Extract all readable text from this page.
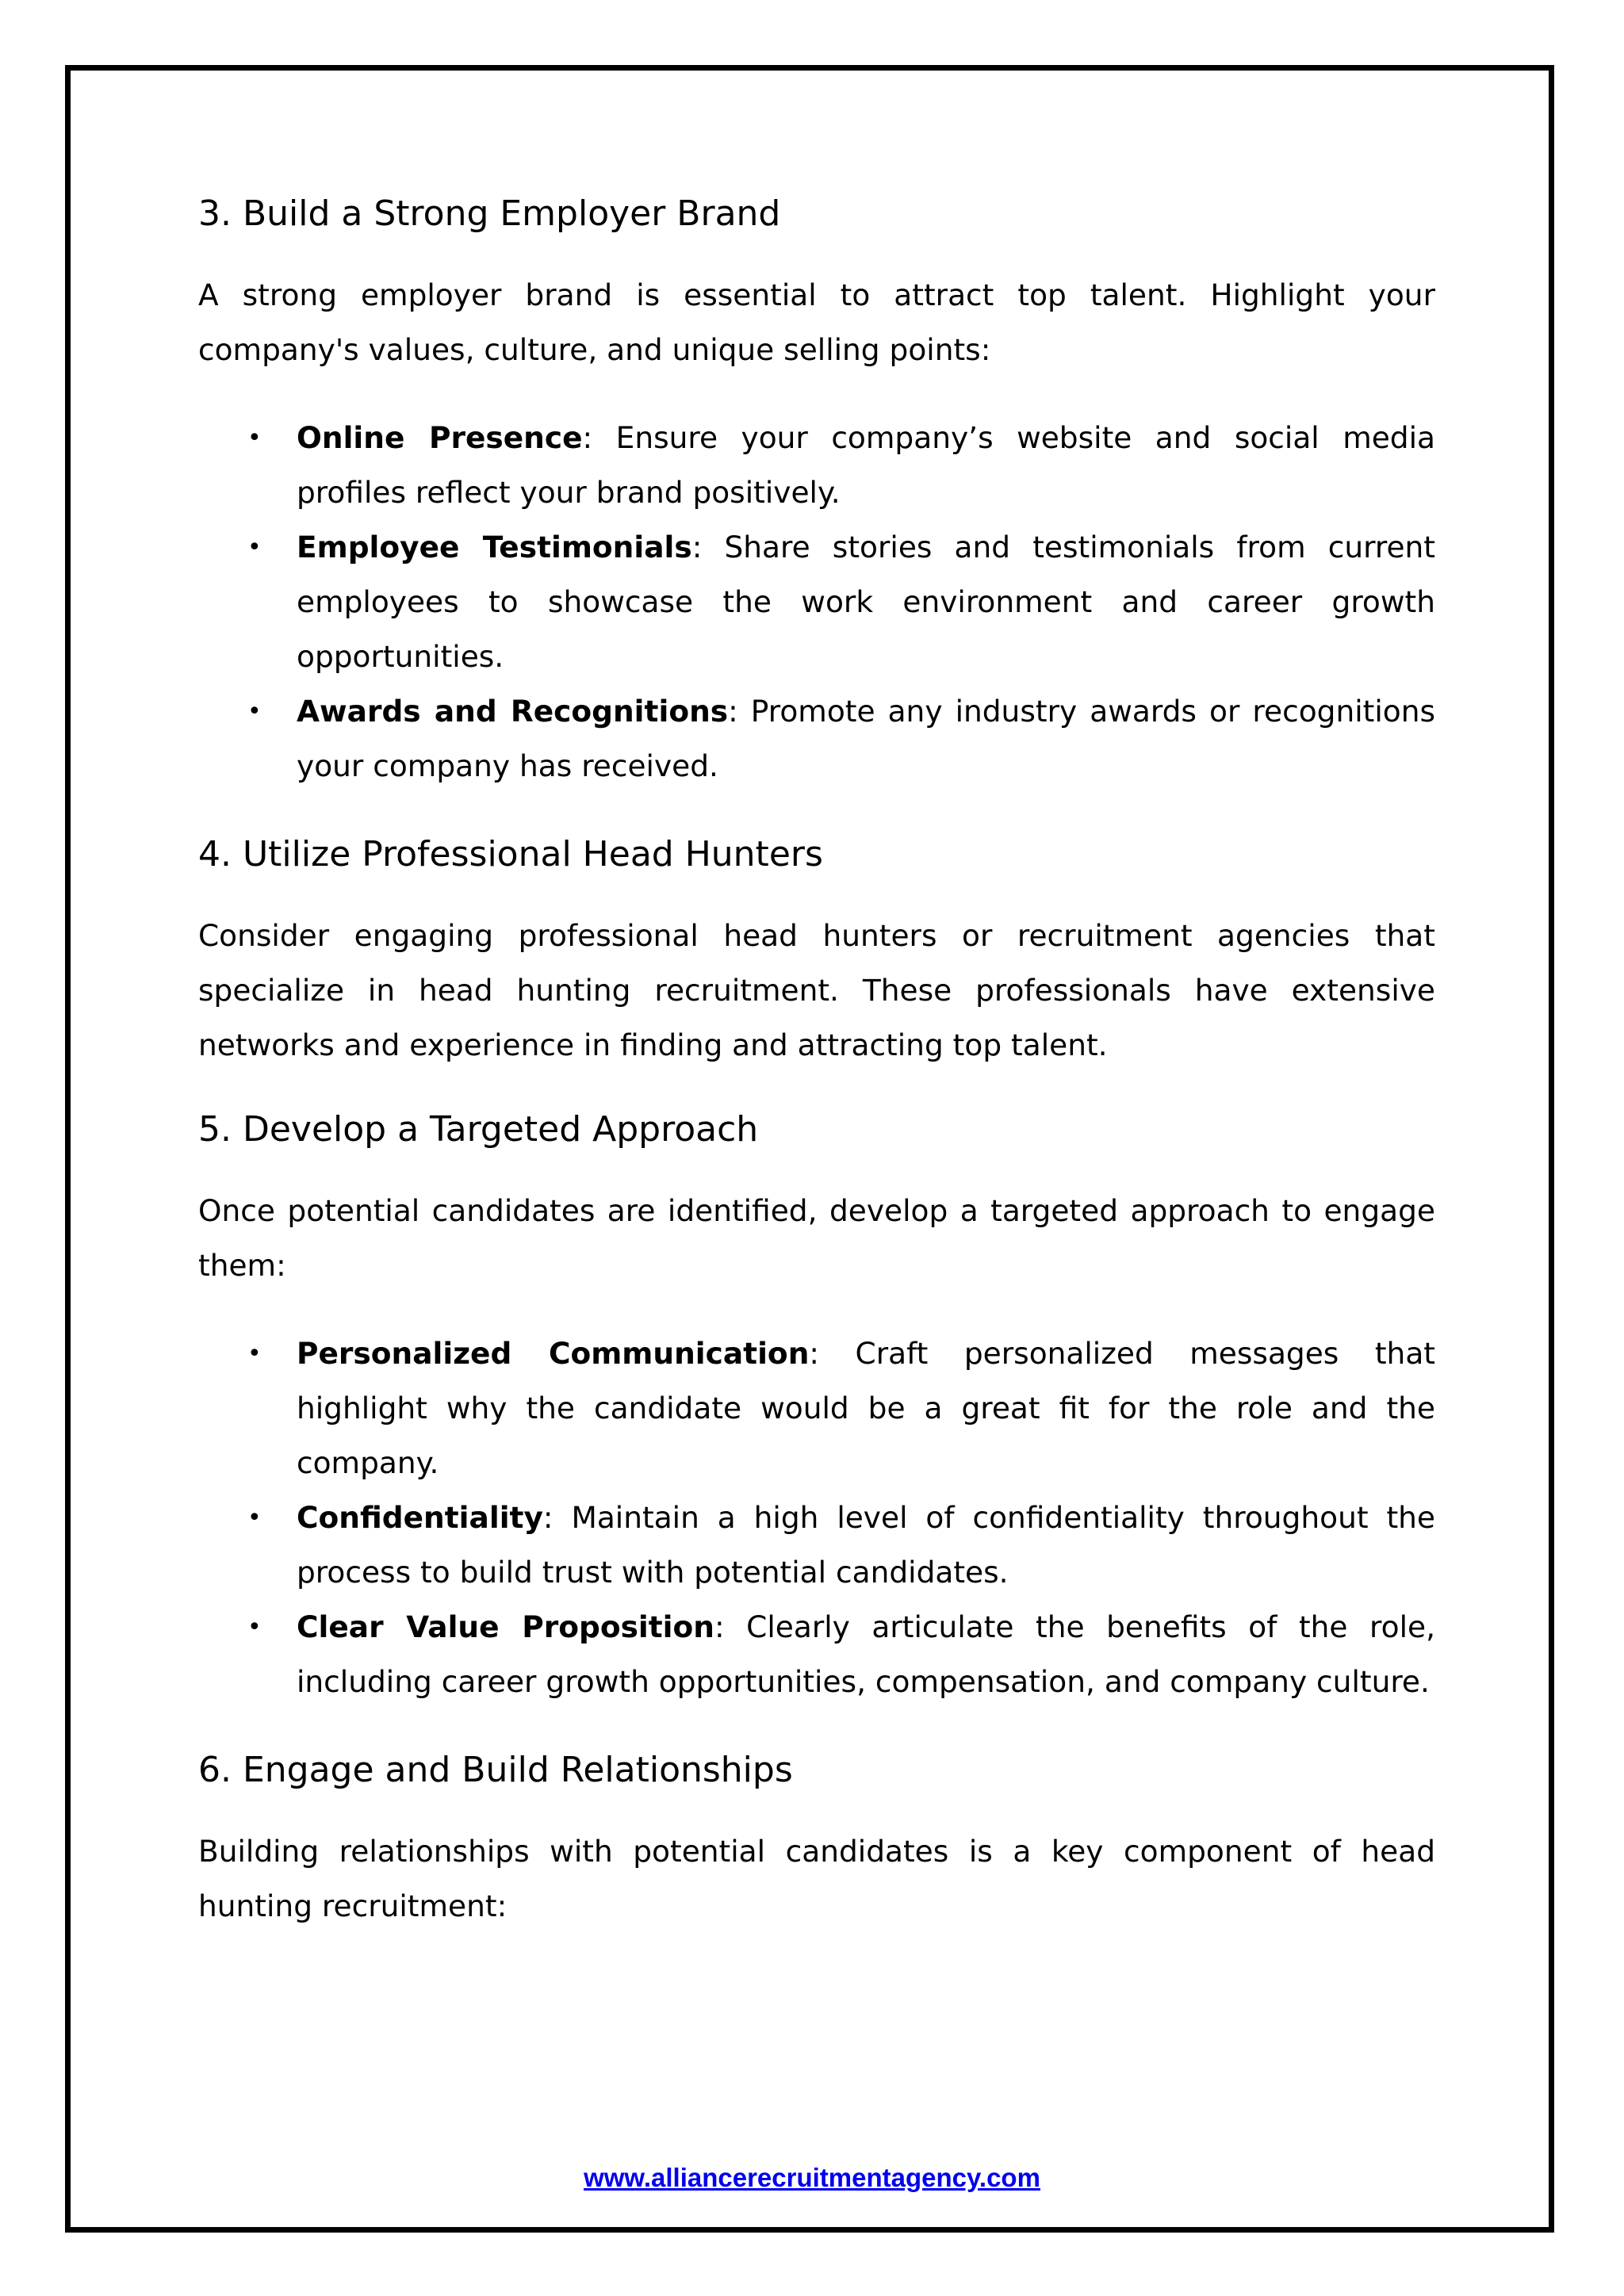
3. Build a Strong Employer Brand

A strong employer brand is essential to attract top talent. Highlight your company's values, culture, and unique selling points:

• Online Presence: Ensure your company’s website and social media profiles reflect your brand positively.
• Employee Testimonials: Share stories and testimonials from current employees to showcase the work environment and career growth opportunities.
• Awards and Recognitions: Promote any industry awards or recognitions your company has received.
4. Utilize Professional Head Hunters

Consider engaging professional head hunters or recruitment agencies that specialize in head hunting recruitment. These professionals have extensive networks and experience in finding and attracting top talent.

5. Develop a Targeted Approach

Once potential candidates are identified, develop a targeted approach to engage them:

• Personalized Communication: Craft personalized messages that highlight why the candidate would be a great fit for the role and the company.
• Confidentiality: Maintain a high level of confidentiality throughout the process to build trust with potential candidates.
• Clear Value Proposition: Clearly articulate the benefits of the role, including career growth opportunities, compensation, and company culture.
6. Engage and Build Relationships

Building relationships with potential candidates is a key component of head hunting recruitment:

www.alliancerecruitmentagency.com
